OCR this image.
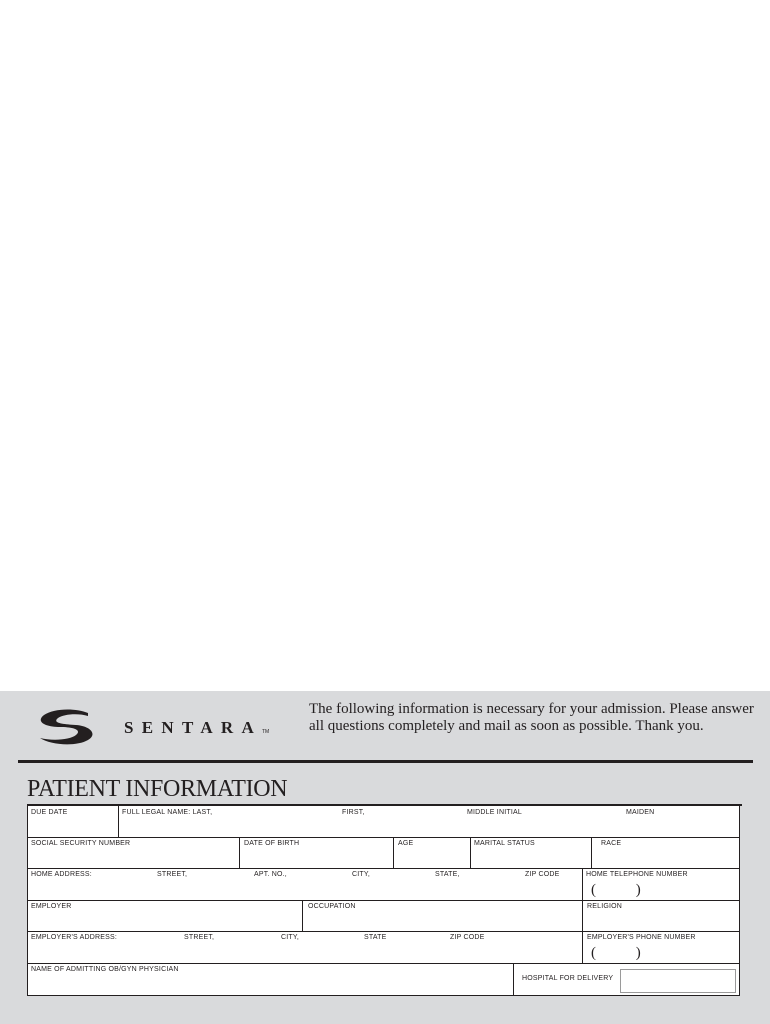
SENTARA TM
The following information is necessary for your admission. Please answer all questions completely and mail as soon as possible. Thank you.
PATIENT INFORMATION
DUE DATE	FULL LEGAL NAME: LAST,	FIRST,	MIDDLE INITIAL	MAIDEN
SOCIAL SECURITY NUMBER	DATE OF BIRTH	AGE	MARITAL STATUS	RACE
HOME ADDRESS:	STREET,	APT. NO.,	CITY,	STATE,	ZIP CODE	HOME TELEPHONE NUMBER
( )
EMPLOYER	OCCUPATION	RELIGION
EMPLOYER'S ADDRESS:	STREET,	CITY,	STATE	ZIP CODE	EMPLOYER'S PHONE NUMBER
( )
NAME OF ADMITTING OB/GYN PHYSICIAN
HOSPITAL FOR DELIVERY
